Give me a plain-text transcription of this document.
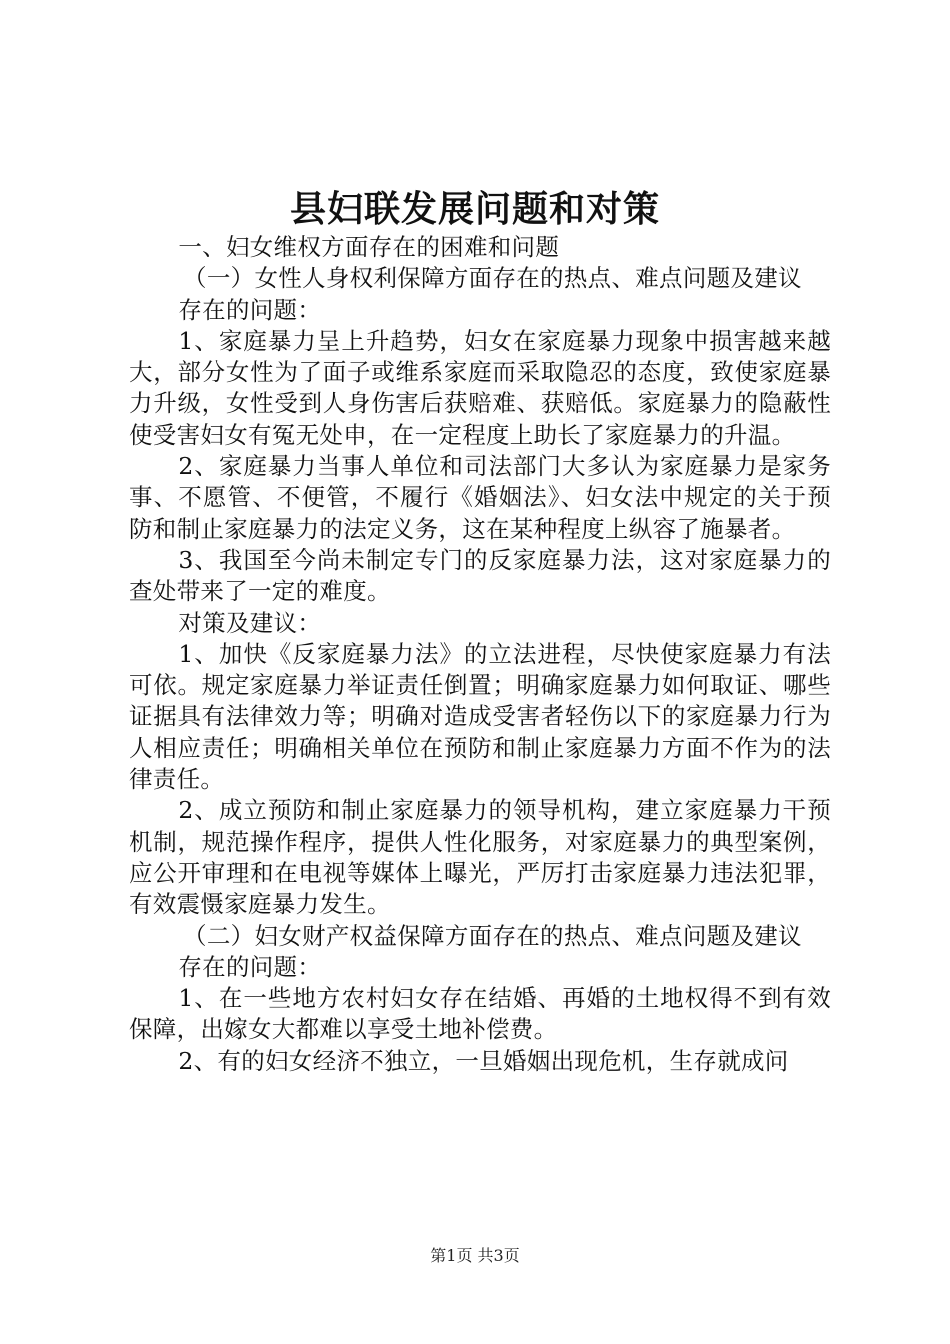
县妇联发展问题和对策

一、妇女维权方面存在的困难和问题

（一）女性人身权利保障方面存在的热点、难点问题及建议

存在的问题：

1、家庭暴力呈上升趋势，妇女在家庭暴力现象中损害越来越大，部分女性为了面子或维系家庭而采取隐忍的态度，致使家庭暴力升级，女性受到人身伤害后获赔难、获赔低。家庭暴力的隐蔽性使受害妇女有冤无处申，在一定程度上助长了家庭暴力的升温。

2、家庭暴力当事人单位和司法部门大多认为家庭暴力是家务事、不愿管、不便管，不履行《婚姻法》、妇女法中规定的关于预防和制止家庭暴力的法定义务，这在某种程度上纵容了施暴者。

3、我国至今尚未制定专门的反家庭暴力法，这对家庭暴力的查处带来了一定的难度。

对策及建议：

1、加快《反家庭暴力法》的立法进程，尽快使家庭暴力有法可依。规定家庭暴力举证责任倒置；明确家庭暴力如何取证、哪些证据具有法律效力等；明确对造成受害者轻伤以下的家庭暴力行为人相应责任；明确相关单位在预防和制止家庭暴力方面不作为的法律责任。

2、成立预防和制止家庭暴力的领导机构，建立家庭暴力干预机制，规范操作程序，提供人性化服务，对家庭暴力的典型案例，应公开审理和在电视等媒体上曝光，严厉打击家庭暴力违法犯罪，有效震慑家庭暴力发生。

（二）妇女财产权益保障方面存在的热点、难点问题及建议

存在的问题：

1、在一些地方农村妇女存在结婚、再婚的土地权得不到有效保障，出嫁女大都难以享受土地补偿费。

2、有的妇女经济不独立，一旦婚姻出现危机，生存就成问

第1页 共3页
